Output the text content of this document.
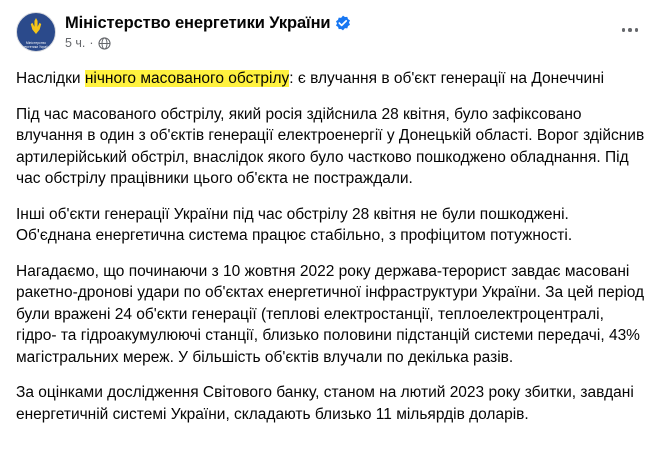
Міністерство енергетики України
Міністерство енергетики України
5 ч. ·

Наслідки нічного масованого обстрілу: є влучання в об'єкт генерації на Донеччині

Під час масованого обстрілу, який росія здійснила 28 квітня, було зафіксовано влучання в один з об'єктів генерації електроенергії у Донецькій області. Ворог здійснив артилерійський обстріл, внаслідок якого було частково пошкоджено обладнання. Під час обстрілу працівники цього об'єкта не постраждали.

Інші об'єкти генерації України під час обстрілу 28 квітня не були пошкоджені. Об'єднана енергетична система працює стабільно, з профіцитом потужності.

Нагадаємо, що починаючи з 10 жовтня 2022 року держава-терорист завдає масовані ракетно-дронові удари по об'єктах енергетичної інфраструктури України. За цей період були вражені 24 об'єкти генерації (теплові електростанції, теплоелектроцентралі, гідро- та гідроакумулюючі станції, близько половини підстанцій системи передачі, 43% магістральних мереж. У більшість об'єктів влучали по декілька разів.

За оцінками дослідження Світового банку, станом на лютий 2023 року збитки, завдані енергетичній системі України, складають близько 11 мільярдів доларів.
